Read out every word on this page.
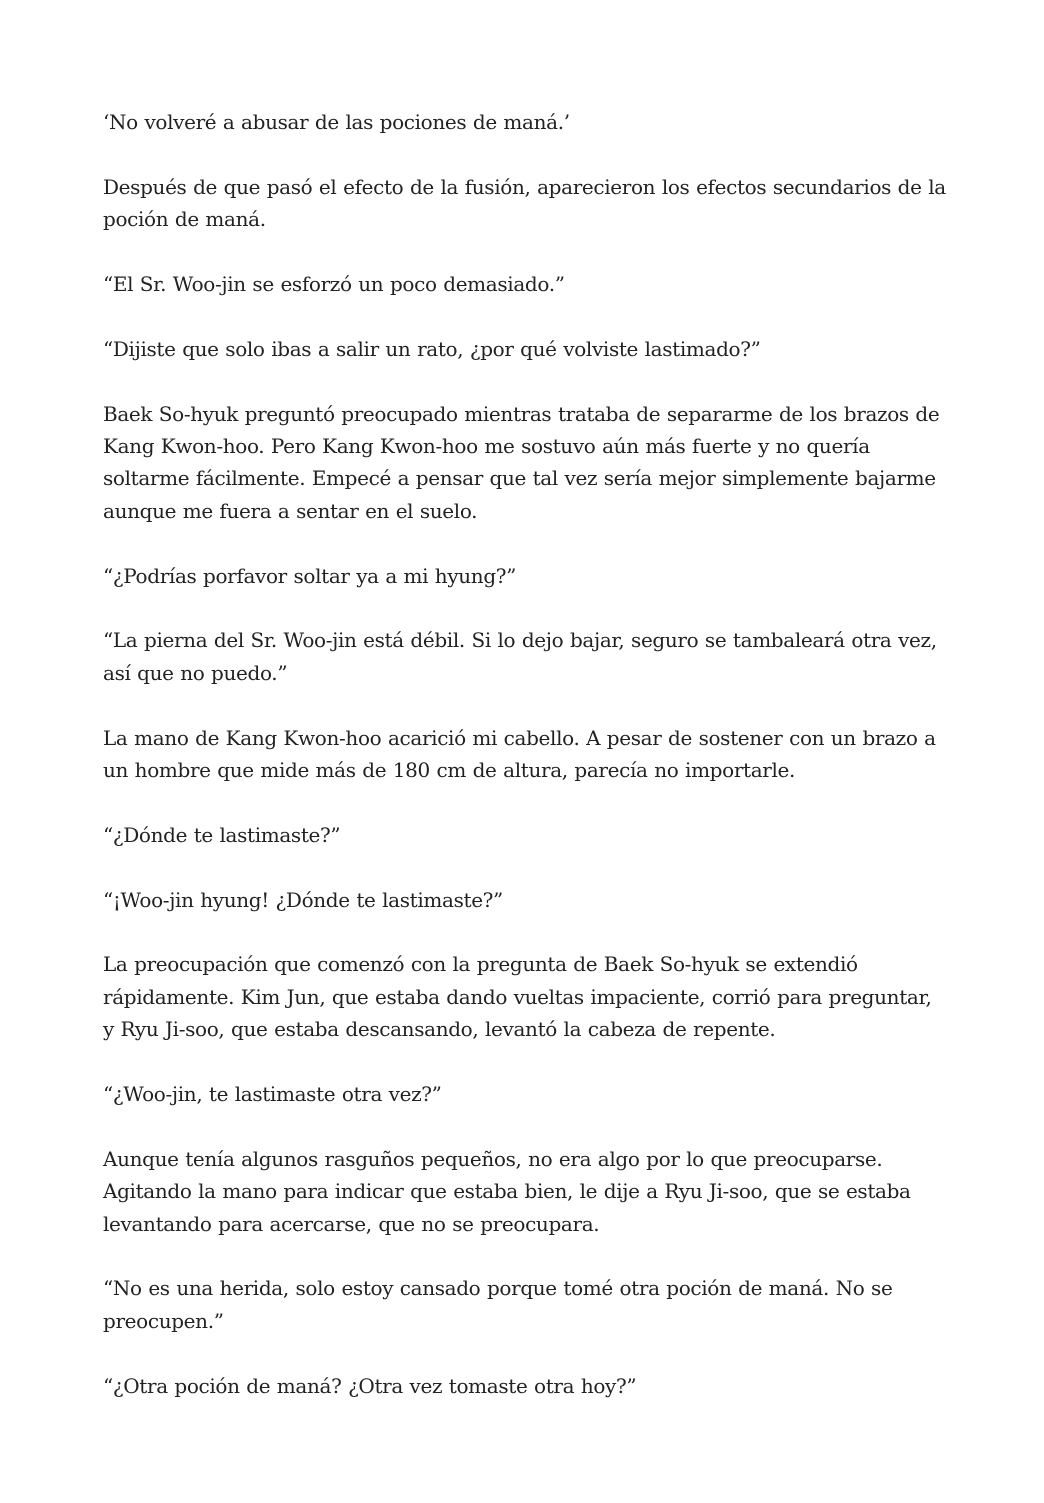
‘No volveré a abusar de las pociones de maná.’

Después de que pasó el efecto de la fusión, aparecieron los efectos secundarios de la poción de maná.

“El Sr. Woo-jin se esforzó un poco demasiado.”

“Dijiste que solo ibas a salir un rato, ¿por qué volviste lastimado?”

Baek So-hyuk preguntó preocupado mientras trataba de separarme de los brazos de Kang Kwon-hoo. Pero Kang Kwon-hoo me sostuvo aún más fuerte y no quería soltarme fácilmente. Empecé a pensar que tal vez sería mejor simplemente bajarme aunque me fuera a sentar en el suelo.

“¿Podrías porfavor soltar ya a mi hyung?”

“La pierna del Sr. Woo-jin está débil. Si lo dejo bajar, seguro se tambaleará otra vez, así que no puedo.”

La mano de Kang Kwon-hoo acarició mi cabello. A pesar de sostener con un brazo a un hombre que mide más de 180 cm de altura, parecía no importarle.

“¿Dónde te lastimaste?”

“¡Woo-jin hyung! ¿Dónde te lastimaste?”

La preocupación que comenzó con la pregunta de Baek So-hyuk se extendió rápidamente. Kim Jun, que estaba dando vueltas impaciente, corrió para preguntar, y Ryu Ji-soo, que estaba descansando, levantó la cabeza de repente.

“¿Woo-jin, te lastimaste otra vez?”

Aunque tenía algunos rasguños pequeños, no era algo por lo que preocuparse. Agitando la mano para indicar que estaba bien, le dije a Ryu Ji-soo, que se estaba levantando para acercarse, que no se preocupara.

“No es una herida, solo estoy cansado porque tomé otra poción de maná. No se preocupen.”

“¿Otra poción de maná? ¿Otra vez tomaste otra hoy?”
